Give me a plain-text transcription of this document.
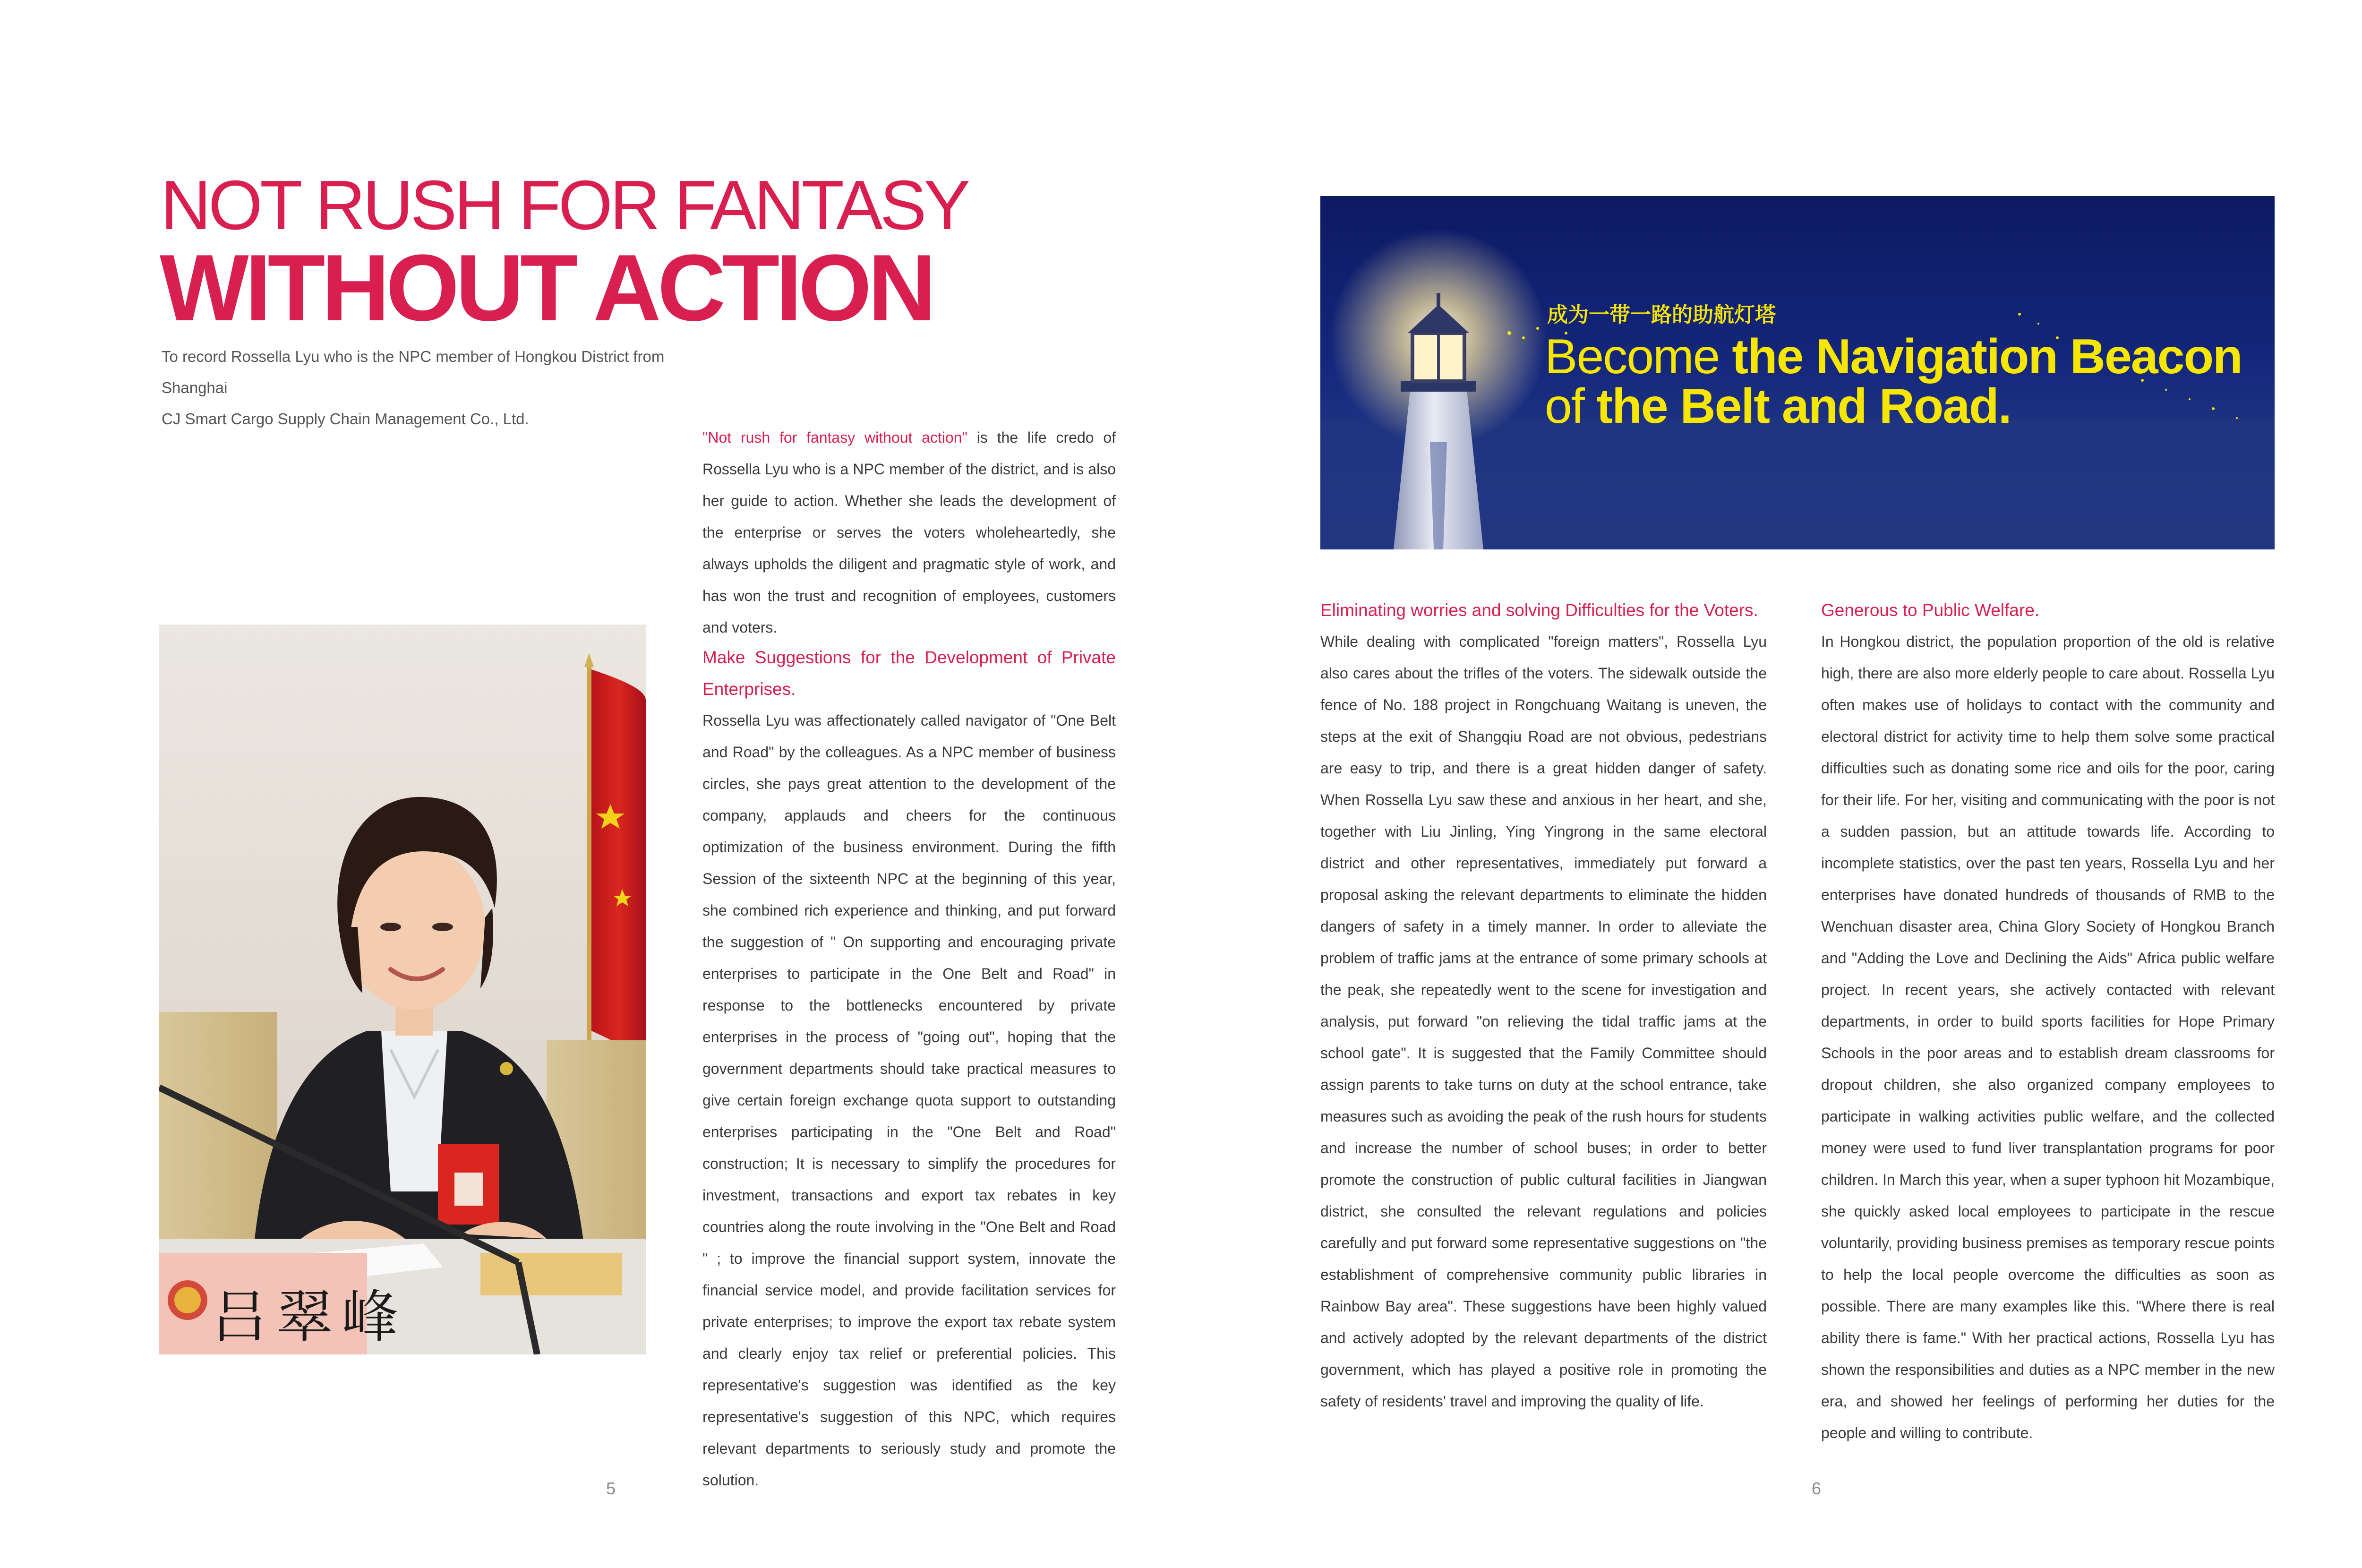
NOT RUSH FOR FANTASY
WITHOUT ACTION
To record Rossella Lyu who is the NPC member of Hongkou District from Shanghai
CJ Smart Cargo Supply Chain Management Co., Ltd.

"Not rush for fantasy without action" is the life credo of Rossella Lyu who is a NPC member of the district, and is also her guide to action. Whether she leads the development of the enterprise or serves the voters wholeheartedly, she always upholds the diligent and pragmatic style of work, and has won the trust and recognition of employees, customers and voters.

吕翠峰

Make Suggestions for the Development of Private Enterprises.

Rossella Lyu was affectionately called navigator of "One Belt and Road" by the colleagues. As a NPC member of business circles, she pays great attention to the development of the company, applauds and cheers for the continuous optimization of the business environment. During the fifth Session of the sixteenth NPC at the beginning of this year, she combined rich experience and thinking, and put forward the suggestion of " On supporting and encouraging private enterprises to participate in the One Belt and Road" in response to the bottlenecks encountered by private enterprises in the process of "going out", hoping that the government departments should take practical measures to give certain foreign exchange quota support to outstanding enterprises participating in the "One Belt and Road" construction; It is necessary to simplify the procedures for investment, transactions and export tax rebates in key countries along the route involving in the "One Belt and Road " ; to improve the financial support system, innovate the financial service model, and provide facilitation services for private enterprises; to improve the export tax rebate system and clearly enjoy tax relief or preferential policies. This representative's suggestion was identified as the key representative's suggestion of this NPC, which requires relevant departments to seriously study and promote the solution.

5
成为一带一路的助航灯塔
Become the Navigation Beacon
of the Belt and Road.

Eliminating worries and solving Difficulties for the Voters.

While dealing with complicated "foreign matters", Rossella Lyu also cares about the trifles of the voters. The sidewalk outside the fence of No. 188 project in Rongchuang Waitang is uneven, the steps at the exit of Shangqiu Road are not obvious, pedestrians are easy to trip, and there is a great hidden danger of safety. When Rossella Lyu saw these and anxious in her heart, and she, together with Liu Jinling, Ying Yingrong in the same electoral district and other representatives, immediately put forward a proposal asking the relevant departments to eliminate the hidden dangers of safety in a timely manner. In order to alleviate the problem of traffic jams at the entrance of some primary schools at the peak, she repeatedly went to the scene for investigation and analysis, put forward "on relieving the tidal traffic jams at the school gate". It is suggested that the Family Committee should assign parents to take turns on duty at the school entrance, take measures such as avoiding the peak of the rush hours for students and increase the number of school buses; in order to better promote the construction of public cultural facilities in Jiangwan district, she consulted the relevant regulations and policies carefully and put forward some representative suggestions on "the establishment of comprehensive community public libraries in Rainbow Bay area". These suggestions have been highly valued and actively adopted by the relevant departments of the district government, which has played a positive role in promoting the safety of residents' travel and improving the quality of life.

Generous to Public Welfare.

In Hongkou district, the population proportion of the old is relative high, there are also more elderly people to care about. Rossella Lyu often makes use of holidays to contact with the community and electoral district for activity time to help them solve some practical difficulties such as donating some rice and oils for the poor, caring for their life. For her, visiting and communicating with the poor is not a sudden passion, but an attitude towards life. According to incomplete statistics, over the past ten years, Rossella Lyu and her enterprises have donated hundreds of thousands of RMB to the Wenchuan disaster area, China Glory Society of Hongkou Branch and "Adding the Love and Declining the Aids" Africa public welfare project. In recent years, she actively contacted with relevant departments, in order to build sports facilities for Hope Primary Schools in the poor areas and to establish dream classrooms for dropout children, she also organized company employees to participate in walking activities public welfare, and the collected money were used to fund liver transplantation programs for poor children. In March this year, when a super typhoon hit Mozambique, she quickly asked local employees to participate in the rescue voluntarily, providing business premises as temporary rescue points to help the local people overcome the difficulties as soon as possible. There are many examples like this. "Where there is real ability there is fame." With her practical actions, Rossella Lyu has shown the responsibilities and duties as a NPC member in the new era, and showed her feelings of performing her duties for the people and willing to contribute.

6
